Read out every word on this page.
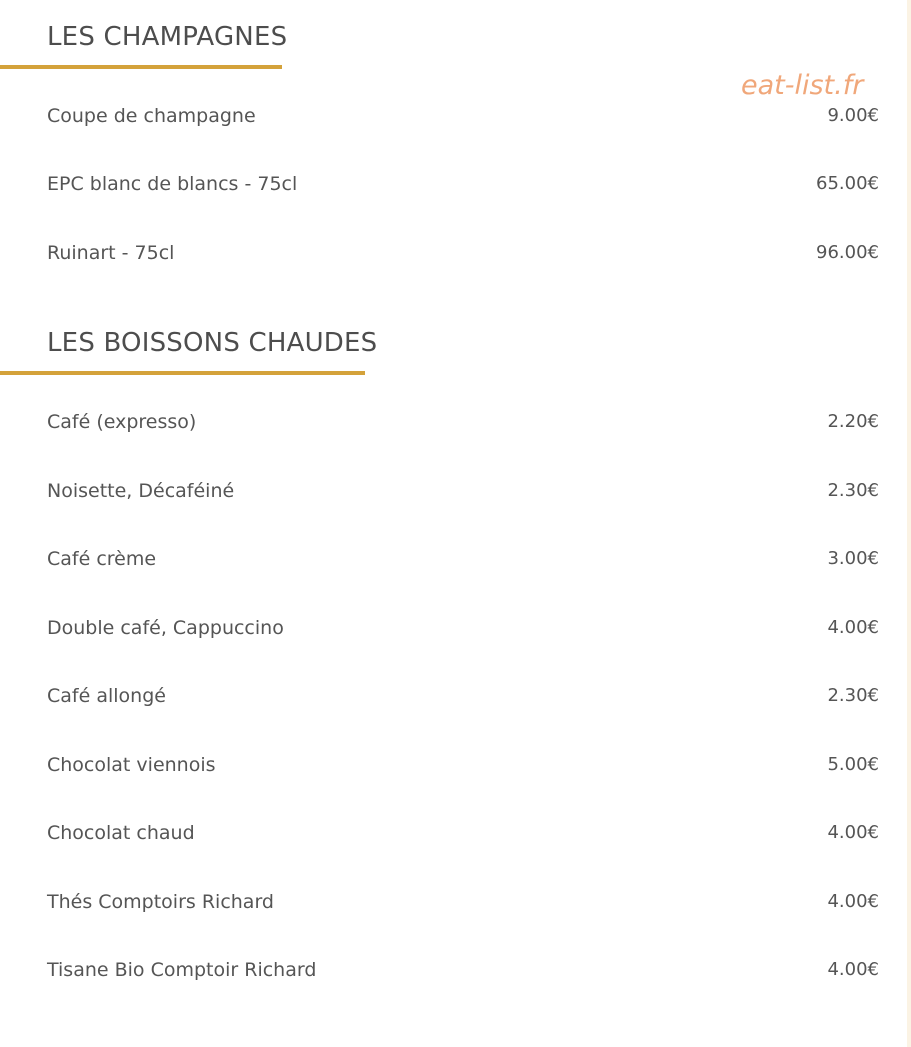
eat-list.fr
LES CHAMPAGNES
Coupe de champagne	9.00€
EPC blanc de blancs - 75cl	65.00€
Ruinart - 75cl	96.00€
LES BOISSONS CHAUDES
Café (expresso)	2.20€
Noisette, Décaféiné	2.30€
Café crème	3.00€
Double café, Cappuccino	4.00€
Café allongé	2.30€
Chocolat viennois	5.00€
Chocolat chaud	4.00€
Thés Comptoirs Richard	4.00€
Tisane Bio Comptoir Richard	4.00€
